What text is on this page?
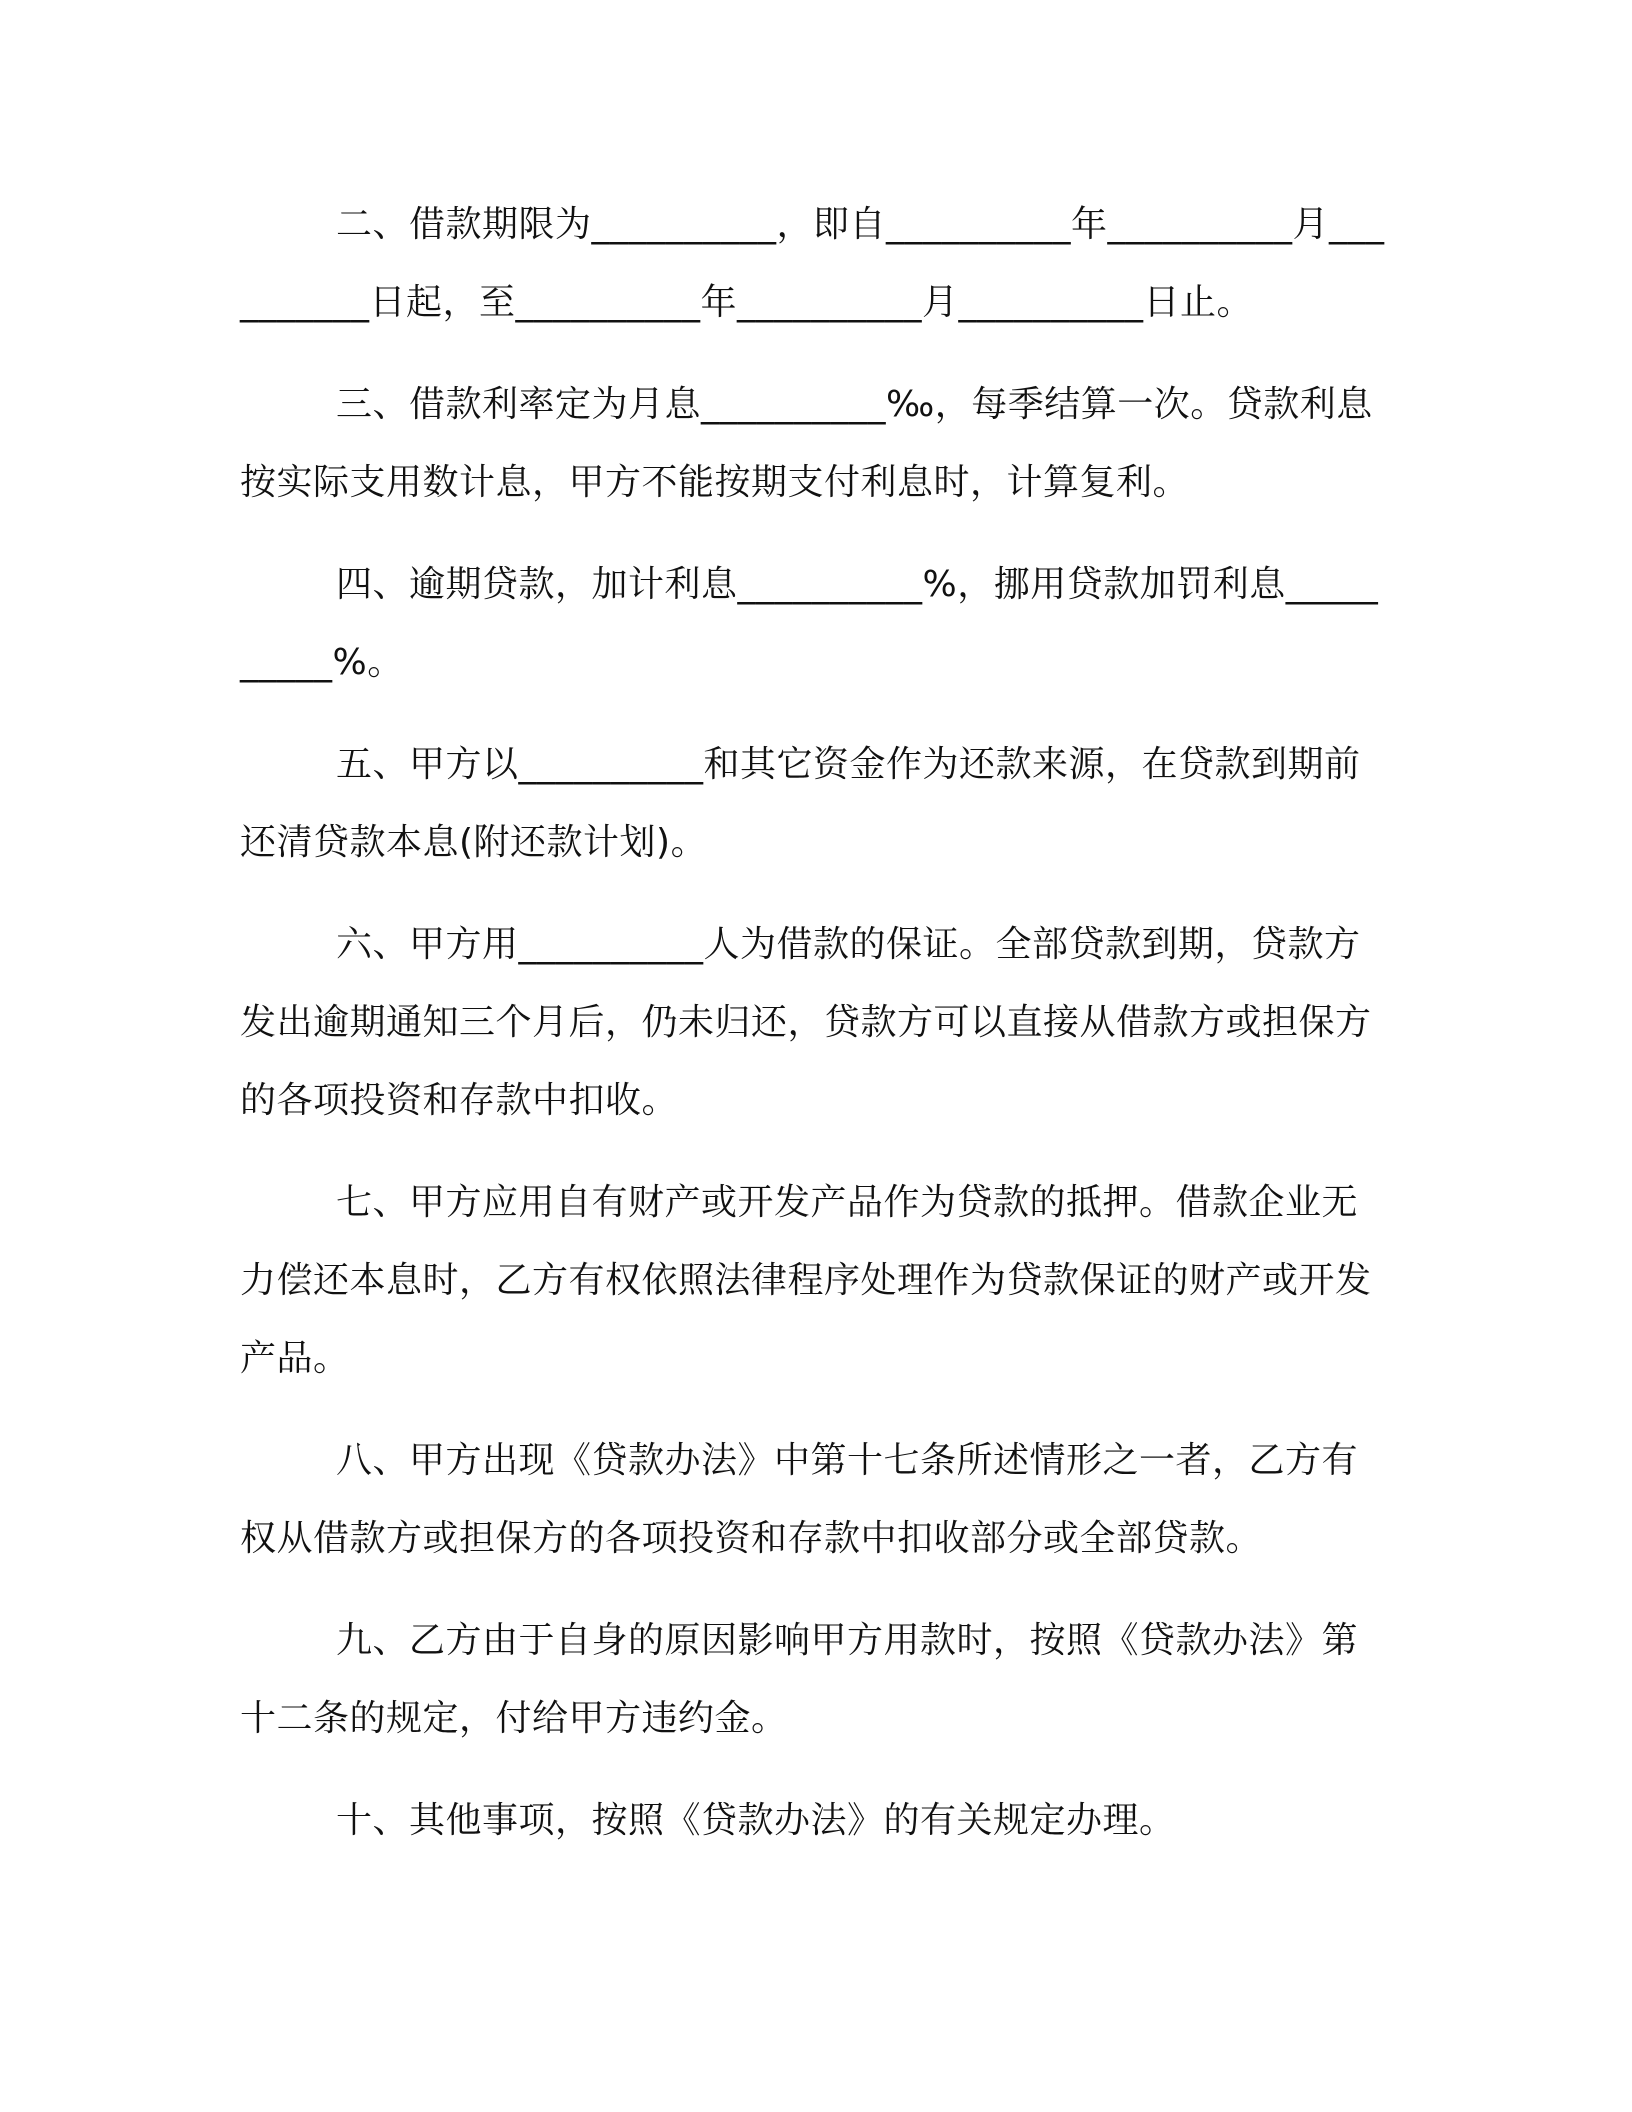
二、借款期限为__________，即自__________年__________月__________日起，至__________年__________月__________日止。

三、借款利率定为月息__________‰，每季结算一次。贷款利息按实际支用数计息，甲方不能按期支付利息时，计算复利。

四、逾期贷款，加计利息__________%，挪用贷款加罚利息__________%。

五、甲方以__________和其它资金作为还款来源，在贷款到期前还清贷款本息(附还款计划)。

六、甲方用__________人为借款的保证。全部贷款到期，贷款方发出逾期通知三个月后，仍未归还，贷款方可以直接从借款方或担保方的各项投资和存款中扣收。

七、甲方应用自有财产或开发产品作为贷款的抵押。借款企业无力偿还本息时，乙方有权依照法律程序处理作为贷款保证的财产或开发产品。

八、甲方出现《贷款办法》中第十七条所述情形之一者，乙方有权从借款方或担保方的各项投资和存款中扣收部分或全部贷款。

九、乙方由于自身的原因影响甲方用款时，按照《贷款办法》第十二条的规定，付给甲方违约金。

十、其他事项，按照《贷款办法》的有关规定办理。
